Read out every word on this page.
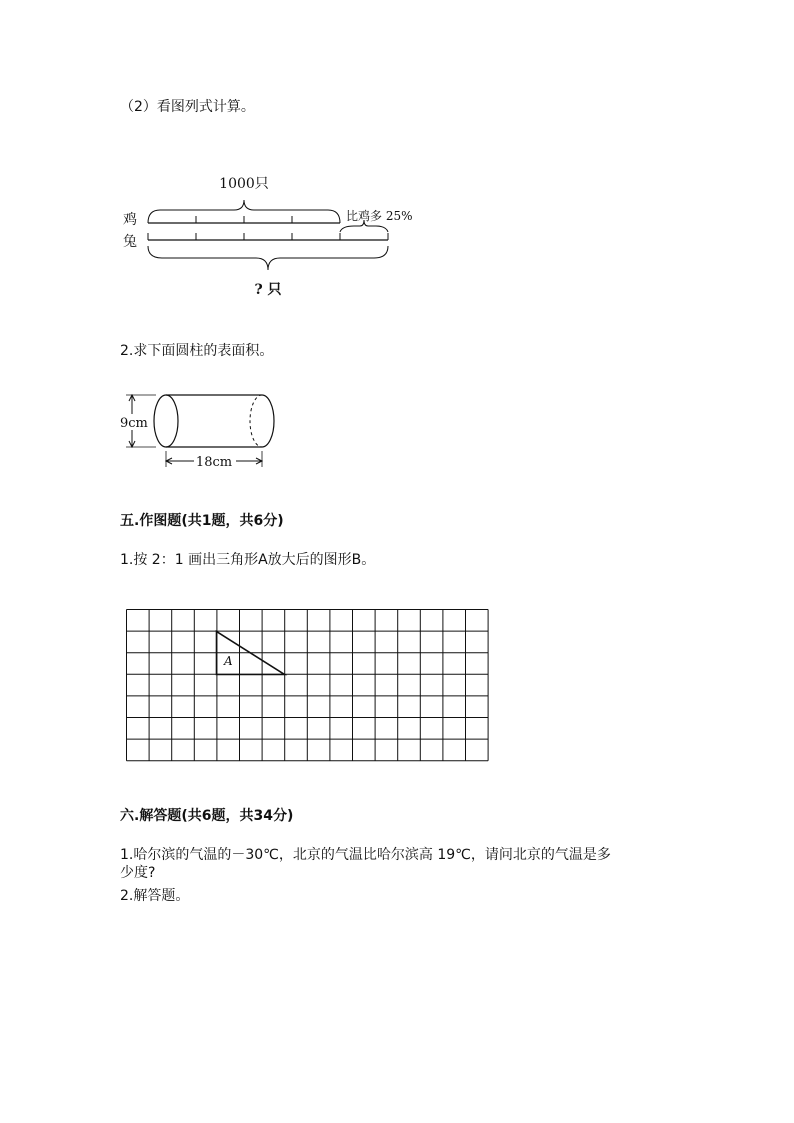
（2）看图列式计算。
1000只
鸡	比鸡多 25%
兔
? 只
2.求下面圆柱的表面积。
9cm
18cm
五.作图题(共1题，共6分)
1.按 2：1 画出三角形A放大后的图形B。
A
六.解答题(共6题，共34分)
1.哈尔滨的气温的－30℃，北京的气温比哈尔滨高 19℃，请问北京的气温是多
少度?
2.解答题。
